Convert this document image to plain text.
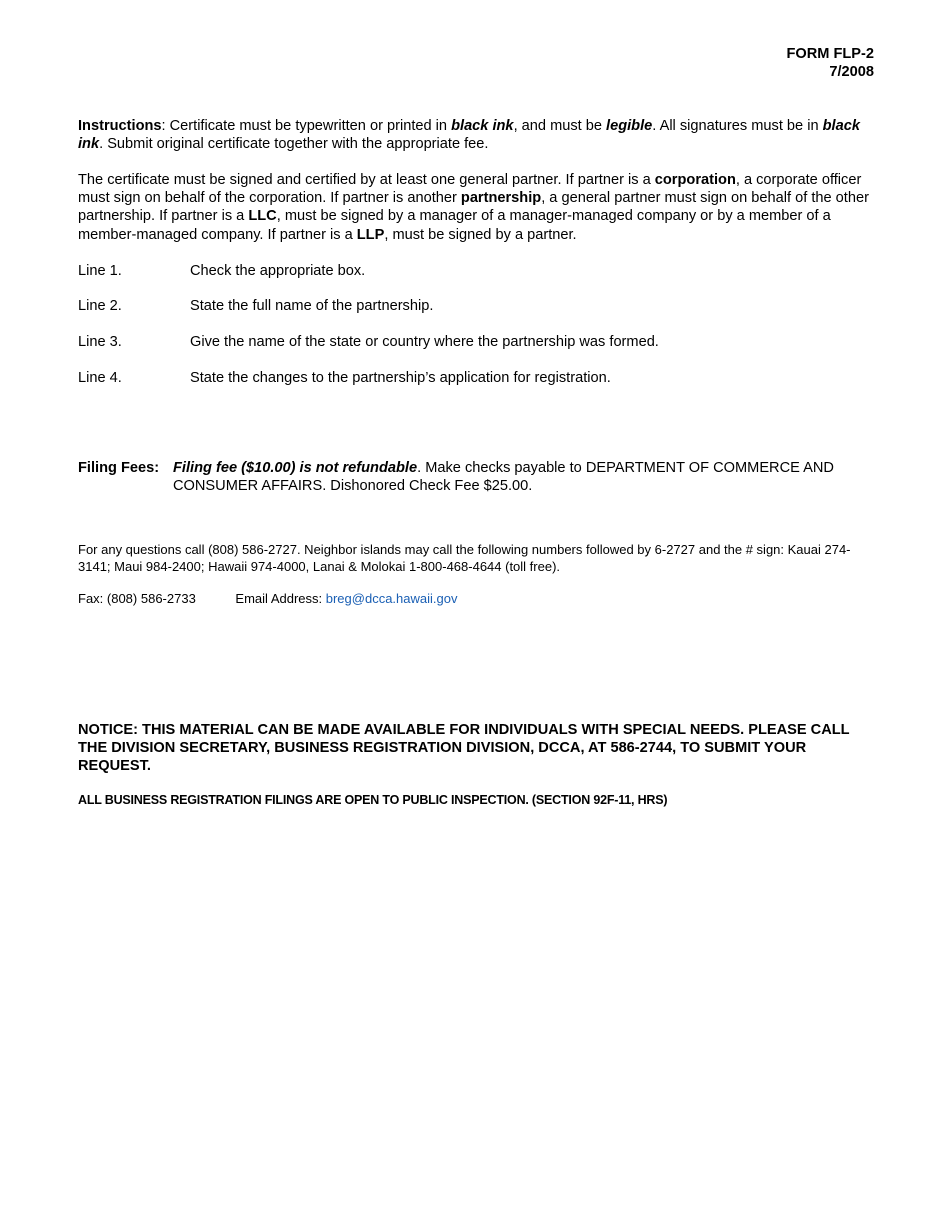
FORM FLP-2
7/2008
Instructions: Certificate must be typewritten or printed in black ink, and must be legible. All signatures must be in black ink. Submit original certificate together with the appropriate fee.
The certificate must be signed and certified by at least one general partner. If partner is a corporation, a corporate officer must sign on behalf of the corporation. If partner is another partnership, a general partner must sign on behalf of the other partnership. If partner is a LLC, must be signed by a manager of a manager-managed company or by a member of a member-managed company. If partner is a LLP, must be signed by a partner.
Line 1.	Check the appropriate box.
Line 2.	State the full name of the partnership.
Line 3.	Give the name of the state or country where the partnership was formed.
Line 4.	State the changes to the partnership’s application for registration.
Filing Fees: Filing fee ($10.00) is not refundable. Make checks payable to DEPARTMENT OF COMMERCE AND CONSUMER AFFAIRS. Dishonored Check Fee $25.00.
For any questions call (808) 586-2727. Neighbor islands may call the following numbers followed by 6-2727 and the # sign: Kauai 274-3141; Maui 984-2400; Hawaii 974-4000, Lanai & Molokai 1-800-468-4644 (toll free).
Fax: (808) 586-2733	Email Address: breg@dcca.hawaii.gov
NOTICE: THIS MATERIAL CAN BE MADE AVAILABLE FOR INDIVIDUALS WITH SPECIAL NEEDS. PLEASE CALL THE DIVISION SECRETARY, BUSINESS REGISTRATION DIVISION, DCCA, AT 586-2744, TO SUBMIT YOUR REQUEST.
ALL BUSINESS REGISTRATION FILINGS ARE OPEN TO PUBLIC INSPECTION. (SECTION 92F-11, HRS)
